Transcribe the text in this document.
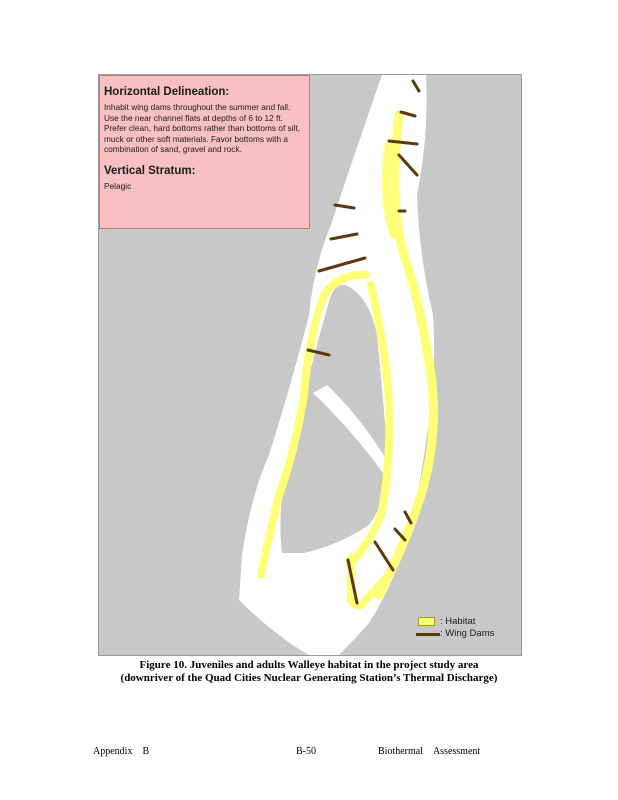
Horizontal Delineation:

Inhabit wing dams throughout the summer and fall. Use the near channel flats at depths of 6 to 12 ft. Prefer clean, hard bottoms rather than bottoms of silt, muck or other soft materials. Favor bottoms with a combination of sand, gravel and rock.

Vertical Stratum:

Pelagic

: Habitat
: Wing Dams
Figure 10. Juveniles and adults Walleye habitat in the project study area
(downriver of the Quad Cities Nuclear Generating Station’s Thermal Discharge)
Appendix    B	B-50	Biothermal Assessment
